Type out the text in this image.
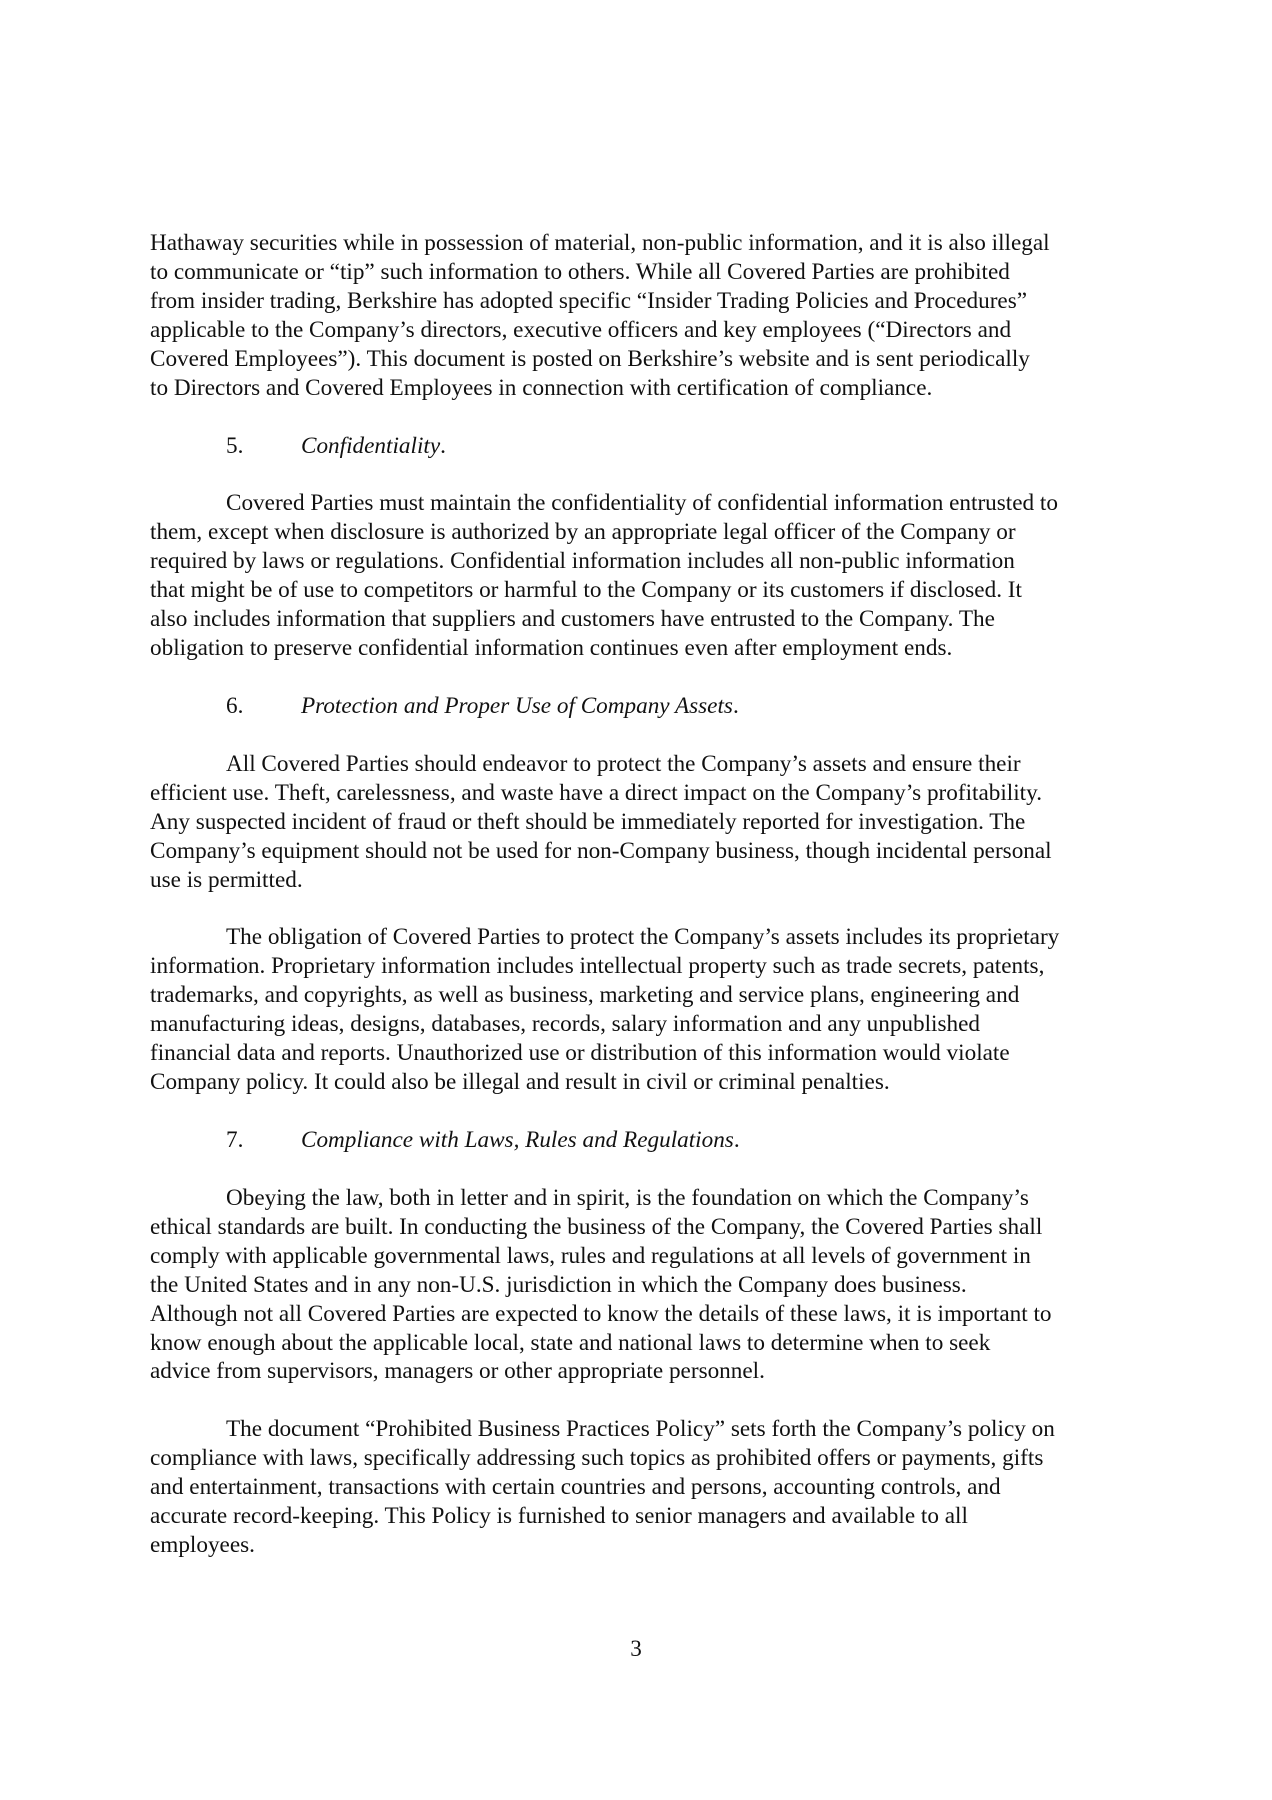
Hathaway securities while in possession of material, non-public information, and it is also illegal
to communicate or “tip” such information to others. While all Covered Parties are prohibited
from insider trading, Berkshire has adopted specific “Insider Trading Policies and Procedures”
applicable to the Company’s directors, executive officers and key employees (“Directors and
Covered Employees”). This document is posted on Berkshire’s website and is sent periodically
to Directors and Covered Employees in connection with certification of compliance.
5. Confidentiality.
Covered Parties must maintain the confidentiality of confidential information entrusted to
them, except when disclosure is authorized by an appropriate legal officer of the Company or
required by laws or regulations. Confidential information includes all non-public information
that might be of use to competitors or harmful to the Company or its customers if disclosed. It
also includes information that suppliers and customers have entrusted to the Company. The
obligation to preserve confidential information continues even after employment ends.
6. Protection and Proper Use of Company Assets.
All Covered Parties should endeavor to protect the Company’s assets and ensure their
efficient use. Theft, carelessness, and waste have a direct impact on the Company’s profitability.
Any suspected incident of fraud or theft should be immediately reported for investigation. The
Company’s equipment should not be used for non-Company business, though incidental personal
use is permitted.
The obligation of Covered Parties to protect the Company’s assets includes its proprietary
information. Proprietary information includes intellectual property such as trade secrets, patents,
trademarks, and copyrights, as well as business, marketing and service plans, engineering and
manufacturing ideas, designs, databases, records, salary information and any unpublished
financial data and reports. Unauthorized use or distribution of this information would violate
Company policy. It could also be illegal and result in civil or criminal penalties.
7. Compliance with Laws, Rules and Regulations.
Obeying the law, both in letter and in spirit, is the foundation on which the Company’s
ethical standards are built. In conducting the business of the Company, the Covered Parties shall
comply with applicable governmental laws, rules and regulations at all levels of government in
the United States and in any non-U.S. jurisdiction in which the Company does business.
Although not all Covered Parties are expected to know the details of these laws, it is important to
know enough about the applicable local, state and national laws to determine when to seek
advice from supervisors, managers or other appropriate personnel.
The document “Prohibited Business Practices Policy” sets forth the Company’s policy on
compliance with laws, specifically addressing such topics as prohibited offers or payments, gifts
and entertainment, transactions with certain countries and persons, accounting controls, and
accurate record-keeping. This Policy is furnished to senior managers and available to all
employees.
3
